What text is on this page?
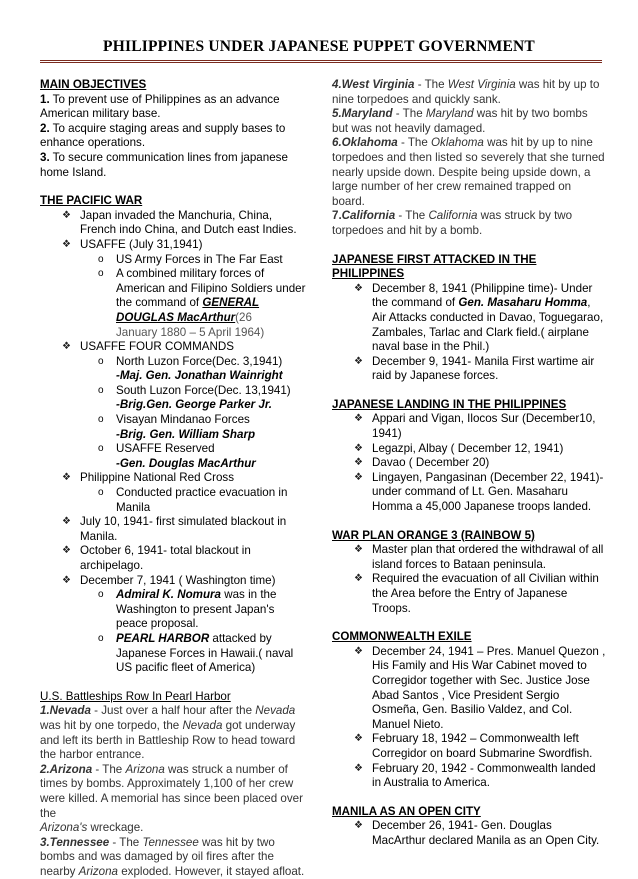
PHILIPPINES UNDER JAPANESE PUPPET GOVERNMENT

MAIN OBJECTIVES

1. To prevent use of Philippines as an advance American military base.

2. To acquire staging areas and supply bases to enhance operations.

3. To secure communication lines from japanese home Island.

THE PACIFIC WAR

❖ Japan invaded the Manchuria, China, French indo China, and Dutch east Indies.
❖ USAFFE (July 31,1941)
o US Army Forces in The Far East
o A combined military forces of American and Filipino Soldiers under the command of GENERAL DOUGLAS MacArthur(26
January 1880 – 5 April 1964)
❖ USAFFE FOUR COMMANDS
o North Luzon Force(Dec. 3,1941)
-Maj. Gen. Jonathan Wainright
o South Luzon Force(Dec. 13,1941)
-Brig.Gen. George Parker Jr.
o Visayan Mindanao Forces
-Brig. Gen. William Sharp
o USAFFE Reserved
-Gen. Douglas MacArthur
❖ Philippine National Red Cross
o Conducted practice evacuation in Manila
❖ July 10, 1941- first simulated blackout in Manila.
❖ October 6, 1941- total blackout in archipelago.
❖ December 7, 1941 ( Washington time)
o Admiral K. Nomura was in the Washington to present Japan's peace proposal.
o PEARL HARBOR attacked by Japanese Forces in Hawaii.( naval US pacific fleet of America)

U.S. Battleships Row In Pearl Harbor

1.Nevada - Just over a half hour after the Nevada was hit by one torpedo, the Nevada got underway and left its berth in Battleship Row to head toward the harbor entrance.

2.Arizona - The Arizona was struck a number of times by bombs. Approximately 1,100 of her crew were killed. A memorial has since been placed over the
Arizona's wreckage.

3.Tennessee - The Tennessee was hit by two bombs and was damaged by oil fires after the nearby Arizona exploded. However, it stayed afloat.

4.West Virginia - The West Virginia was hit by up to nine torpedoes and quickly sank.

5.Maryland - The Maryland was hit by two bombs but was not heavily damaged.

6.Oklahoma - The Oklahoma was hit by up to nine torpedoes and then listed so severely that she turned nearly upside down. Despite being upside down, a large number of her crew remained trapped on board.

7.California - The California was struck by two torpedoes and hit by a bomb.

JAPANESE FIRST ATTACKED IN THE PHILIPPINES

❖ December 8, 1941 (Philippine time)- Under the command of Gen. Masaharu Homma, Air Attacks conducted in Davao, Toguegarao, Zambales, Tarlac and Clark field.( airplane naval base in the Phil.)
❖ December 9, 1941- Manila First wartime air raid by Japanese forces.

JAPANESE LANDING IN THE PHILIPPINES

❖ Appari and Vigan, Ilocos Sur (December10, 1941)
❖ Legazpi, Albay ( December 12, 1941)
❖ Davao ( December 20)
❖ Lingayen, Pangasinan (December 22, 1941)- under command of Lt. Gen. Masaharu Homma a 45,000 Japanese troops landed.

WAR PLAN ORANGE 3 (RAINBOW 5)

❖ Master plan that ordered the withdrawal of all island forces to Bataan peninsula.
❖ Required the evacuation of all Civilian within the Area before the Entry of Japanese Troops.

COMMONWEALTH EXILE

❖ December 24, 1941 – Pres. Manuel Quezon , His Family and His War Cabinet moved to Corregidor together with Sec. Justice Jose Abad Santos , Vice President Sergio Osmeña, Gen. Basilio Valdez, and Col. Manuel Nieto.
❖ February 18, 1942 – Commonwealth left Corregidor on board Submarine Swordfish.
❖ February 20, 1942 - Commonwealth landed in Australia to America.

MANILA AS AN OPEN CITY

❖ December 26, 1941- Gen. Douglas MacArthur declared Manila as an Open City.
